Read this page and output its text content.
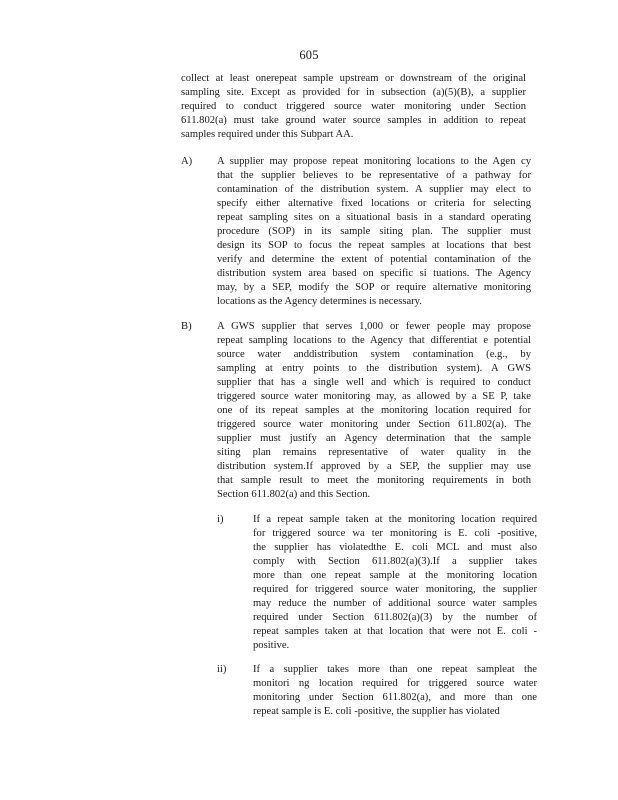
605
collect at least onerepeat sample upstream or downstream of the original
sampling site. Except as provided for in subsection (a)(5)(B), a supplier
required to conduct triggered source water monitoring under Section
611.802(a) must take ground water source samples in addition to repeat
samples required under this Subpart AA.
A) A supplier may propose repeat monitoring locations to the Agen cy
that the supplier believes to be representative of a pathway for
contamination of the distribution system. A supplier may elect to
specify either alternative fixed locations or criteria for selecting
repeat sampling sites on a situational basis in a standard operating
procedure (SOP) in its sample siting plan. The supplier must
design its SOP to focus the repeat samples at locations that best
verify and determine the extent of potential contamination of the
distribution system area based on specific si tuations. The Agency
may, by a SEP, modify the SOP or require alternative monitoring
locations as the Agency determines is necessary.
B) A GWS supplier that serves 1,000 or fewer people may propose
repeat sampling locations to the Agency that differentiat e potential
source water anddistribution system contamination (e.g., by
sampling at entry points to the distribution system). A GWS
supplier that has a single well and which is required to conduct
triggered source water monitoring may, as allowed by a SE P, take
one of its repeat samples at the monitoring location required for
triggered source water monitoring under Section 611.802(a). The
supplier must justify an Agency determination that the sample
siting plan remains representative of water quality in the
distribution system.If approved by a SEP, the supplier may use
that sample result to meet the monitoring requirements in both
Section 611.802(a) and this Section.
i)	If a repeat sample taken at the monitoring location required
for triggered source wa ter monitoring is E. coli -positive,
the supplier has violatedthe E. coli MCL and must also
comply with Section 611.802(a)(3).If a supplier takes
more than one repeat sample at the monitoring location
required for triggered source water monitoring, the supplier
may reduce the number of additional source water samples
required under Section 611.802(a)(3) by the number of
repeat samples taken at that location that were not E. coli -
positive.
ii)	If a supplier takes more than one repeat sampleat the
monitori ng location required for triggered source water
monitoring under Section 611.802(a), and more than one
repeat sample is E. coli -positive, the supplier has violated
